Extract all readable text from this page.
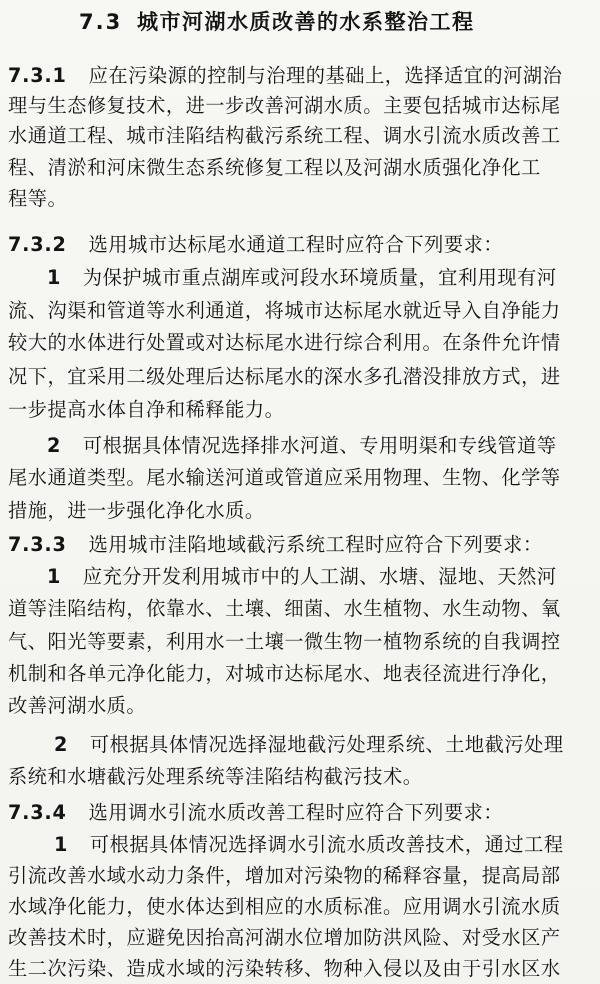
7.3 城市河湖水质改善的水系整治工程
7.3.1 应在污染源的控制与治理的基础上，选择适宜的河湖治
理与生态修复技术，进一步改善河湖水质。主要包括城市达标尾
水通道工程、城市洼陷结构截污系统工程、调水引流水质改善工
程、清淤和河床微生态系统修复工程以及河湖水质强化净化工
程等。
7.3.2 选用城市达标尾水通道工程时应符合下列要求：
1 为保护城市重点湖库或河段水环境质量，宜利用现有河
流、沟渠和管道等水利通道，将城市达标尾水就近导入自净能力
较大的水体进行处置或对达标尾水进行综合利用。在条件允许情
况下，宜采用二级处理后达标尾水的深水多孔潜没排放方式，进
一步提高水体自净和稀释能力。
2 可根据具体情况选择排水河道、专用明渠和专线管道等
尾水通道类型。尾水输送河道或管道应采用物理、生物、化学等
措施，进一步强化净化水质。
7.3.3 选用城市洼陷地域截污系统工程时应符合下列要求：
1 应充分开发利用城市中的人工湖、水塘、湿地、天然河
道等洼陷结构，依靠水、土壤、细菌、水生植物、水生动物、氧
气、阳光等要素，利用水一土壤一微生物一植物系统的自我调控
机制和各单元净化能力，对城市达标尾水、地表径流进行净化，
改善河湖水质。
2 可根据具体情况选择湿地截污处理系统、土地截污处理
系统和水塘截污处理系统等洼陷结构截污技术。
7.3.4 选用调水引流水质改善工程时应符合下列要求：
1 可根据具体情况选择调水引流水质改善技术，通过工程
引流改善水域水动力条件，增加对污染物的稀释容量，提高局部
水域净化能力，使水体达到相应的水质标准。应用调水引流水质
改善技术时，应避免因抬高河湖水位增加防洪风险、对受水区产
生二次污染、造成水域的污染转移、物种入侵以及由于引水区水
